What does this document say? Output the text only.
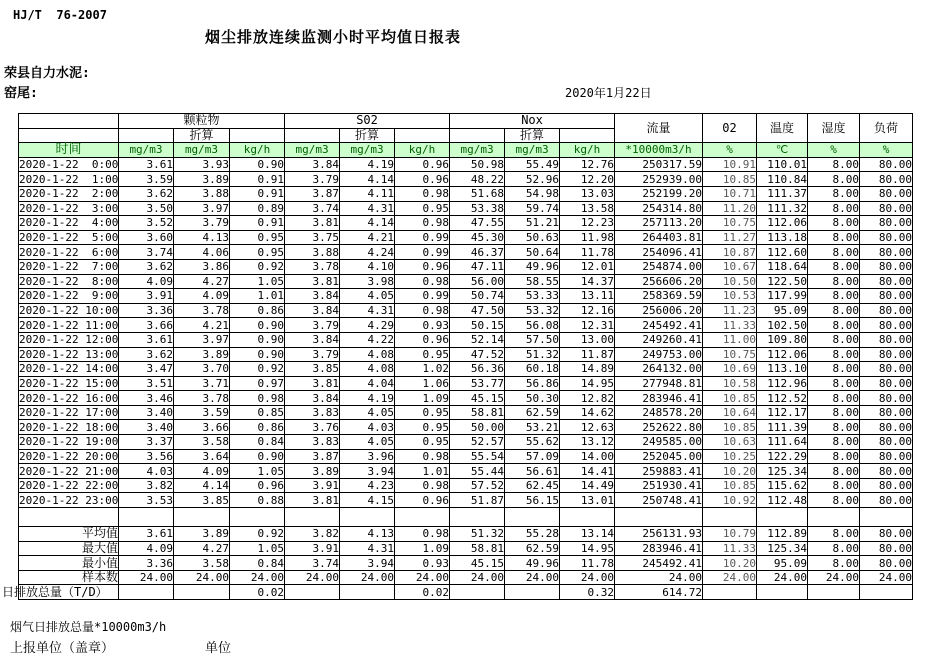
HJ/T  76-2007
烟尘排放连续监测小时平均值日报表
荣县自力水泥:
窑尾:	2020年1月22日
	颗粒物			S02			Nox			流量	02	温度	湿度	负荷
		折算			折算			折算						
时间	mg/m3	mg/m3	kg/h	mg/m3	mg/m3	kg/h	mg/m3	mg/m3	kg/h	*10000m3/h	%	℃	%	%
2020-1-22  0:00	3.61	3.93	0.90	3.84	4.19	0.96	50.98	55.49	12.76	250317.59	10.91	110.01	8.00	80.00
2020-1-22  1:00	3.59	3.89	0.91	3.79	4.14	0.96	48.22	52.96	12.20	252939.00	10.85	110.84	8.00	80.00
2020-1-22  2:00	3.62	3.88	0.91	3.87	4.11	0.98	51.68	54.98	13.03	252199.20	10.71	111.37	8.00	80.00
2020-1-22  3:00	3.50	3.97	0.89	3.74	4.31	0.95	53.38	59.74	13.58	254314.80	11.20	111.32	8.00	80.00
2020-1-22  4:00	3.52	3.79	0.91	3.81	4.14	0.98	47.55	51.21	12.23	257113.20	10.75	112.06	8.00	80.00
2020-1-22  5:00	3.60	4.13	0.95	3.75	4.21	0.99	45.30	50.63	11.98	264403.81	11.27	113.18	8.00	80.00
2020-1-22  6:00	3.74	4.06	0.95	3.88	4.24	0.99	46.37	50.64	11.78	254096.41	10.87	112.60	8.00	80.00
2020-1-22  7:00	3.62	3.86	0.92	3.78	4.10	0.96	47.11	49.96	12.01	254874.00	10.67	118.64	8.00	80.00
2020-1-22  8:00	4.09	4.27	1.05	3.81	3.98	0.98	56.00	58.55	14.37	256606.20	10.50	122.50	8.00	80.00
2020-1-22  9:00	3.91	4.09	1.01	3.84	4.05	0.99	50.74	53.33	13.11	258369.59	10.53	117.99	8.00	80.00
2020-1-22 10:00	3.36	3.78	0.86	3.84	4.31	0.98	47.50	53.32	12.16	256006.20	11.23	95.09	8.00	80.00
2020-1-22 11:00	3.66	4.21	0.90	3.79	4.29	0.93	50.15	56.08	12.31	245492.41	11.33	102.50	8.00	80.00
2020-1-22 12:00	3.61	3.97	0.90	3.84	4.22	0.96	52.14	57.50	13.00	249260.41	11.00	109.80	8.00	80.00
2020-1-22 13:00	3.62	3.89	0.90	3.79	4.08	0.95	47.52	51.32	11.87	249753.00	10.75	112.06	8.00	80.00
2020-1-22 14:00	3.47	3.70	0.92	3.85	4.08	1.02	56.36	60.18	14.89	264132.00	10.69	113.10	8.00	80.00
2020-1-22 15:00	3.51	3.71	0.97	3.81	4.04	1.06	53.77	56.86	14.95	277948.81	10.58	112.96	8.00	80.00
2020-1-22 16:00	3.46	3.78	0.98	3.84	4.19	1.09	45.15	50.30	12.82	283946.41	10.85	112.52	8.00	80.00
2020-1-22 17:00	3.40	3.59	0.85	3.83	4.05	0.95	58.81	62.59	14.62	248578.20	10.64	112.17	8.00	80.00
2020-1-22 18:00	3.40	3.66	0.86	3.76	4.03	0.95	50.00	53.21	12.63	252622.80	10.85	111.39	8.00	80.00
2020-1-22 19:00	3.37	3.58	0.84	3.83	4.05	0.95	52.57	55.62	13.12	249585.00	10.63	111.64	8.00	80.00
2020-1-22 20:00	3.56	3.64	0.90	3.87	3.96	0.98	55.54	57.09	14.00	252045.00	10.25	122.29	8.00	80.00
2020-1-22 21:00	4.03	4.09	1.05	3.89	3.94	1.01	55.44	56.61	14.41	259883.41	10.20	125.34	8.00	80.00
2020-1-22 22:00	3.82	4.14	0.96	3.91	4.23	0.98	57.52	62.45	14.49	251930.41	10.85	115.62	8.00	80.00
2020-1-22 23:00	3.53	3.85	0.88	3.81	4.15	0.96	51.87	56.15	13.01	250748.41	10.92	112.48	8.00	80.00

平均值	3.61	3.89	0.92	3.82	4.13	0.98	51.32	55.28	13.14	256131.93	10.79	112.89	8.00	80.00
最大值	4.09	4.27	1.05	3.91	4.31	1.09	58.81	62.59	14.95	283946.41	11.33	125.34	8.00	80.00
最小值	3.36	3.58	0.84	3.74	3.94	0.93	45.15	49.96	11.78	245492.41	10.20	95.09	8.00	80.00
样本数	24.00	24.00	24.00	24.00	24.00	24.00	24.00	24.00	24.00	24.00	24.00	24.00	24.00	24.00

日排放总量（T/D）			0.02			0.02			0.32	614.72				
烟气日排放总量*10000m3/h
上报单位（盖章）	单位
